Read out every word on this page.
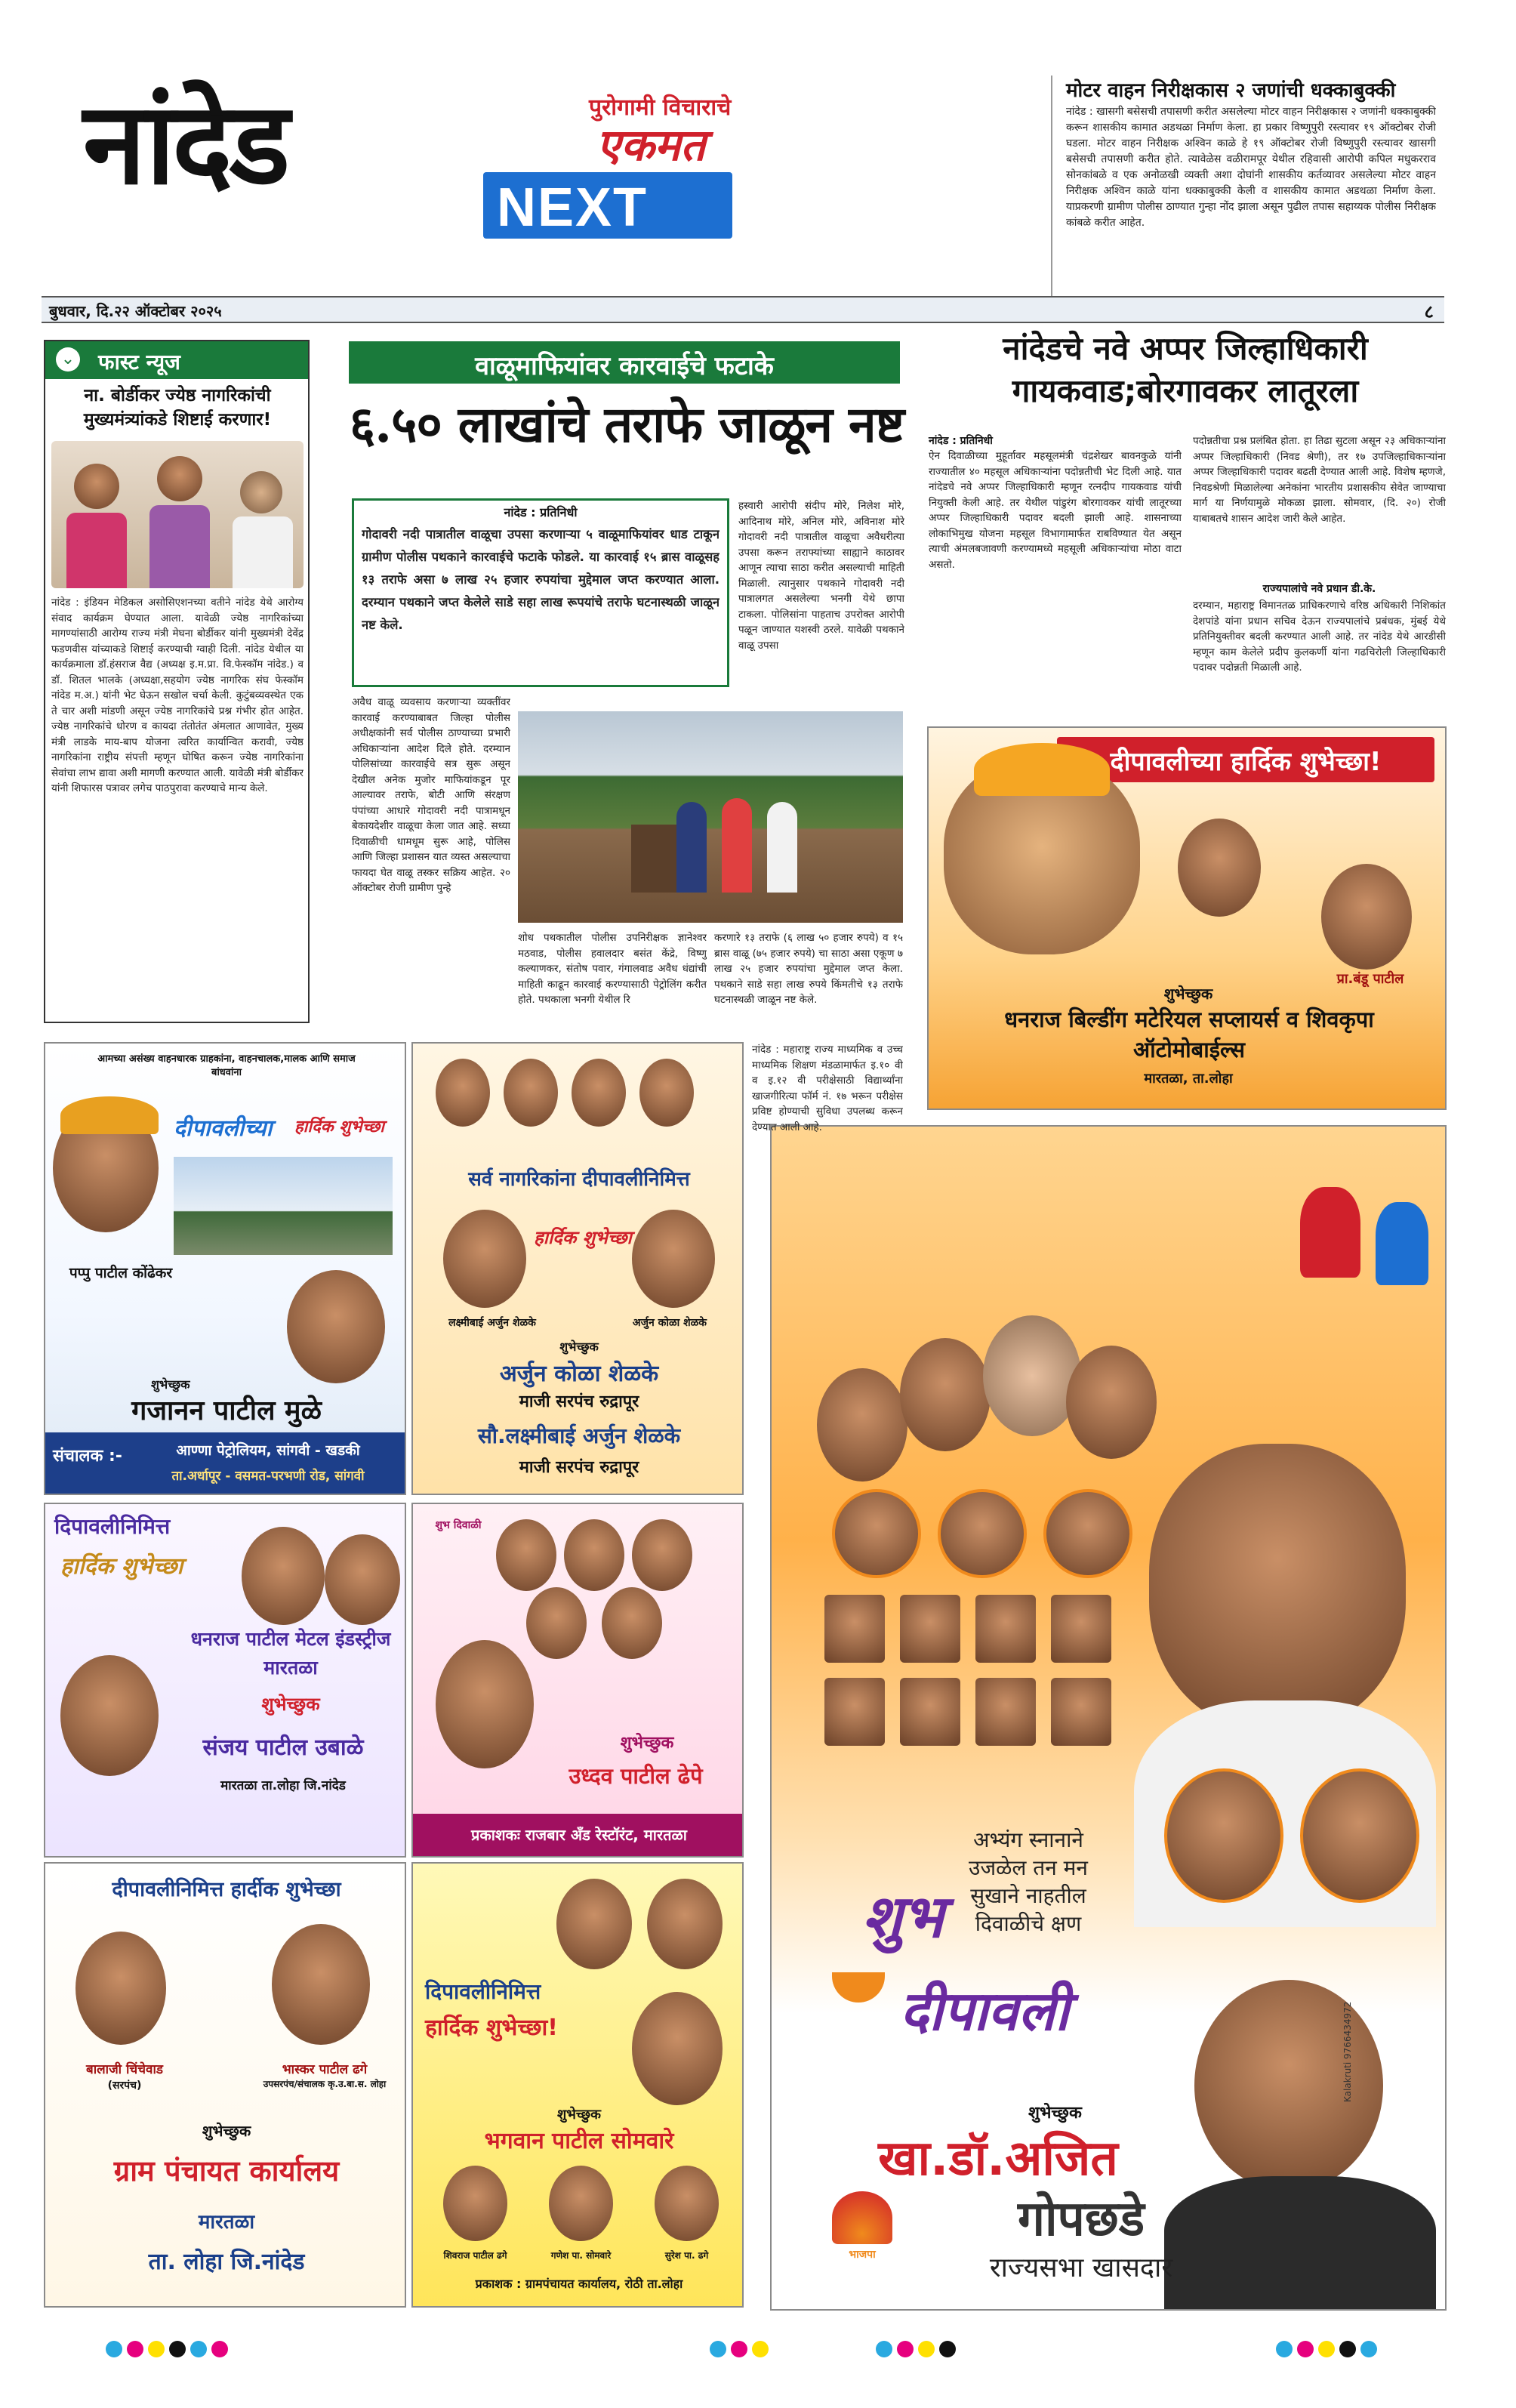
नांदेड	पुरोगामी विचाराचे
एकमत
NEXT
मोटर वाहन निरीक्षकास २ जणांची धक्काबुक्की
नांदेड : खासगी बसेसची तपासणी करीत असलेल्या मोटर वाहन निरीक्षकास २ जणांनी धक्काबुक्की करून शासकीय कामात अडथळा निर्माण केला. हा प्रकार विष्णुपुरी रस्त्यावर १९ ऑक्टोबर रोजी घडला. मोटर वाहन निरीक्षक अश्विन काळे हे १९ ऑक्टोबर रोजी विष्णुपुरी रस्त्यावर खासगी बसेसची तपासणी करीत होते. त्यावेळेस वळीरामपूर येथील रहिवासी आरोपी कपिल मधुकरराव सोनकांबळे व एक अनोळखी व्यक्ती अशा दोघांनी शासकीय कर्तव्यावर असलेल्या मोटर वाहन निरीक्षक अश्विन काळे यांना धक्काबुक्की केली व शासकीय कामात अडथळा निर्माण केला. याप्रकरणी ग्रामीण पोलीस ठाण्यात गुन्हा नोंद झाला असून पुढील तपास सहाय्यक पोलीस निरीक्षक कांबळे करीत आहेत.
बुधवार, दि.२२ ऑक्टोबर २०२५	८
⌄ फास्ट न्यूज
ना. बोर्डीकर ज्येष्ठ नागरिकांची मुख्यमंत्र्यांकडे शिष्टाई करणार!
नांदेड : इंडियन मेडिकल असोसिएशनच्या वतीने नांदेड येथे आरोग्य संवाद कार्यक्रम घेण्यात आला. यावेळी ज्येष्ठ नागरिकांच्या मागण्यांसाठी आरोग्य राज्य मंत्री मेघना बोर्डीकर यांनी मुख्यमंत्री देवेंद्र फडणवीस यांच्याकडे शिष्टाई करण्याची ग्वाही दिली. नांदेड येथील या कार्यक्रमाला डॉ.हंसराज वैद्य (अध्यक्ष इ.म.प्रा. वि.फेस्कॉम नांदेड.) व डॉ. शितल भालके (अध्यक्षा,सहयोग ज्येष्ठ नागरिक संघ फेस्कॉम नांदेड म.अ.) यांनी भेट घेऊन सखोल चर्चा केली. कुटुंबव्यवस्थेत एक ते चार अशी मांडणी असून ज्येष्ठ नागरिकांचे प्रश्न गंभीर होत आहेत. ज्येष्ठ नागरिकांचे धोरण व कायदा तंतोतंत अंमलात आणावेत, मुख्य मंत्री लाडके माय-बाप योजना त्वरित कार्यान्वित करावी, ज्येष्ठ नागरिकांना राष्ट्रीय संपत्ती म्हणून घोषित करून ज्येष्ठ नागरिकांना सेवांचा लाभ द्यावा अशी मागणी करण्यात आली. यावेळी मंत्री बोर्डीकर यांनी शिफारस पत्रावर लगेच पाठपुरावा करण्याचे मान्य केले.
वाळूमाफियांवर कारवाईचे फटाके
६.५० लाखांचे तराफे जाळून नष्ट
नांदेड : प्रतिनिधी
गोदावरी नदी पात्रातील वाळूचा उपसा करणाऱ्या ५ वाळूमाफियांवर धाड टाकून ग्रामीण पोलीस पथकाने कारवाईचे फटाके फोडले. या कारवाई १५ ब्रास वाळूसह १३ तराफे असा ७ लाख २५ हजार रुपयांचा मुद्देमाल जप्त करण्यात आला. दरम्यान पथकाने जप्त केलेले साडे सहा लाख रूपयांचे तराफे घटनास्थळी जाळून नष्ट केले.
हस्वारी आरोपी संदीप मोरे, निलेश मोरे, आदिनाथ मोरे, अनिल मोरे, अविनाश मोरे गोदावरी नदी पात्रातील वाळूचा अवैधरीत्या उपसा करून तराफ्यांच्या साह्याने काठावर आणून त्याचा साठा करीत असल्याची माहिती मिळाली. त्यानुसार पथकाने गोदावरी नदी पात्रालगत असलेल्या भनगी येथे छापा टाकला. पोलिसांना पाहताच उपरोक्त आरोपी पळून जाण्यात यशस्वी ठरले. यावेळी पथकाने वाळू उपसा
अवैध वाळू व्यवसाय करणाऱ्या व्यक्तींवर कारवाई करण्याबाबत जिल्हा पोलीस अधीक्षकांनी सर्व पोलीस ठाण्याच्या प्रभारी अधिकाऱ्यांना आदेश दिले होते. दरम्यान पोलिसांच्या कारवाईचे सत्र सुरू असून देखील अनेक मुजोर माफियांकडून पूर आल्यावर तराफे, बोटी आणि संरक्षण पंपांच्या आधारे गोदावरी नदी पात्रामधून बेकायदेशीर वाळूचा केला जात आहे. सध्या दिवाळीची धामधूम सुरू आहे, पोलिस आणि जिल्हा प्रशासन यात व्यस्त असल्याचा फायदा घेत वाळू तस्कर सक्रिय आहेत. २० ऑक्टोबर रोजी ग्रामीण पुन्हे
शोध पथकातील पोलीस उपनिरीक्षक ज्ञानेश्वर मठवाड, पोलीस हवालदार बसंत केंद्रे, विष्णु कल्याणकर, संतोष पवार, गंगालवाड अवैध धंद्यांची माहिती काढून कारवाई करण्यासाठी पेट्रोलिंग करीत होते. पथकाला भनगी येथील रि
करणारे १३ तराफे (६ लाख ५० हजार रुपये) व १५ ब्रास वाळू (७५ हजार रुपये) चा साठा असा एकूण ७ लाख २५ हजार रुपयांचा मुद्देमाल जप्त केला. पथकाने साडे सहा लाख रुपये किंमतीचे १३ तराफे घटनास्थळी जाळून नष्ट केले.
नांदेडचे नवे अप्पर जिल्हाधिकारी
गायकवाड;बोरगावकर लातूरला
नांदेड : प्रतिनिधी
ऐन दिवाळीच्या मुहूर्तावर महसूलमंत्री चंद्रशेखर बावनकुळे यांनी राज्यातील ४० महसूल अधिकाऱ्यांना पदोन्नतीची भेट दिली आहे. यात नांदेडचे नवे अप्पर जिल्हाधिकारी म्हणून रत्नदीप गायकवाड यांची नियुक्ती केली आहे. तर येथील पांडुरंग बोरगावकर यांची लातूरच्या अप्पर जिल्हाधिकारी पदावर बदली झाली आहे. शासनाच्या लोकाभिमुख योजना महसूल विभागामार्फत राबविण्यात येत असून त्याची अंमलबजावणी करण्यामध्ये महसूली अधिकाऱ्यांचा मोठा वाटा असतो.
पदोन्नतीचा प्रश्न प्रलंबित होता. हा तिढा सुटला असून २३ अधिकाऱ्यांना अप्पर जिल्हाधिकारी (निवड श्रेणी), तर १७ उपजिल्हाधिकाऱ्यांना अप्पर जिल्हाधिकारी पदावर बढती देण्यात आली आहे. विशेष म्हणजे, निवडश्रेणी मिळालेल्या अनेकांना भारतीय प्रशासकीय सेवेत जाण्याचा मार्ग या निर्णयामुळे मोकळा झाला. सोमवार, (दि. २०) रोजी याबाबतचे शासन आदेश जारी केले आहेत.
राज्यपालांचे नवे प्रधान डी.के.
दरम्यान, महाराष्ट्र विमानतळ प्राधिकरणाचे वरिष्ठ अधिकारी निशिकांत देशपांडे यांना प्रधान सचिव देऊन राज्यपालांचे प्रबंधक, मुंबई येथे प्रतिनियुक्तीवर बदली करण्यात आली आहे. तर नांदेड येथे आरडीसी म्हणून काम केलेले प्रदीप कुलकर्णी यांना गढचिरोली जिल्हाधिकारी पदावर पदोन्नती मिळाली आहे.
दीपावलीच्या हार्दिक शुभेच्छा!
प्रा.बंडू पाटील
शुभेच्छुक
धनराज बिल्डींग मटेरियल सप्लायर्स व शिवकृपा ऑटोमोबाईल्स
मारतळा, ता.लोहा
आमच्या असंख्य वाहनधारक ग्राहकांना, वाहनचालक,मालक आणि समाज बांधवांना
दीपावलीच्या हार्दिक शुभेच्छा
पप्पु पाटील कोंढेकर
शुभेच्छुक
गजानन पाटील मुळे
संचालक :-	आण्णा पेट्रोलियम, सांगवी - खडकी
ता.अर्धापूर - वसमत-परभणी रोड, सांगवी
सर्व नागरिकांना दीपावलीनिमित्त
हार्दिक शुभेच्छा
लक्ष्मीबाई अर्जुन शेळके	अर्जुन कोळा शेळके
शुभेच्छुक
अर्जुन कोळा शेळके
माजी सरपंच रुद्रापूर
सौ.लक्ष्मीबाई अर्जुन शेळके
माजी सरपंच रुद्रापूर
दिपावलीनिमित्त
हार्दिक शुभेच्छा
धनराज पाटील मेटल इंडस्ट्रीज मारतळा
शुभेच्छुक
संजय पाटील उबाळे
मारतळा ता.लोहा जि.नांदेड
शुभ दिवाळी
शुभेच्छुक
उध्दव पाटील ढेपे
प्रकाशकः राजबार अँड रेस्टॉरंट, मारतळा
दीपावलीनिमित्त हार्दीक शुभेच्छा
बालाजी चिंचेवाड
(सरपंच)
भास्कर पाटील ढगे
उपसरपंच/संचालक कृ.उ.बा.स. लोहा
शुभेच्छुक
ग्राम पंचायत कार्यालय
मारतळा
ता. लोहा जि.नांदेड
दिपावलीनिमित्त
हार्दिक शुभेच्छा!
शुभेच्छुक
भगवान पाटील सोमवारे
शिवराज पाटील ढगे	गणेश पा. सोमवारे	सुरेश पा. ढगे
प्रकाशक : ग्रामपंचायत कार्यालय, रोठी ता.लोहा
अभ्यंग स्नानाने
उजळेल तन मन
सुखाने नाहतील
दिवाळीचे क्षण
शुभ
दीपावली
शुभेच्छुक
खा.डॉ.अजित
गोपछडे
भाजपा	राज्यसभा खासदार
Kalakruti 9766434972
नांदेड : महाराष्ट्र राज्य माध्यमिक व उच्च माध्यमिक शिक्षण मंडळामार्फत इ.१० वी व इ.१२ वी परीक्षेसाठी विद्यार्थ्यांना खाजगीरित्या फॉर्म नं. १७ भरून परीक्षेस प्रविष्ट होण्याची सुविधा उपलब्ध करून देण्यात आली आहे.
